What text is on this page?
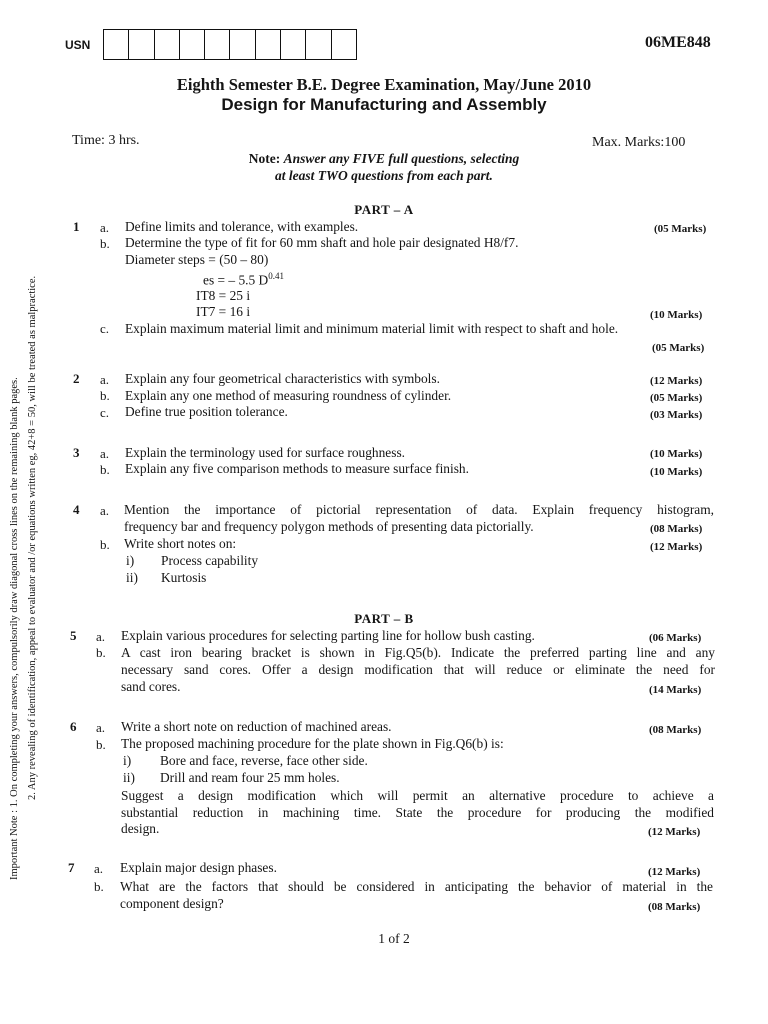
USN	06ME848
Eighth Semester B.E. Degree Examination, May/June 2010
Design for Manufacturing and Assembly
Time: 3 hrs.	Max. Marks:100
Note: Answer any FIVE full questions, selecting
at least TWO questions from each part.
Important Note : 1. On completing your answers, compulsorily draw diagonal cross lines on the remaining blank pages. 2. Any revealing of identification, appeal to evaluator and /or equations written eg, 42+8 = 50, will be treated as malpractice.
PART – A
1 a. Define limits and tolerance, with examples.	(05 Marks)
b. Determine the type of fit for 60 mm shaft and hole pair designated H8/f7.
Diameter steps = (50 – 80)
es = – 5.5 $D^{0.41}$
IT8 = 25 i
IT7 = 16 i	(10 Marks)
c. Explain maximum material limit and minimum material limit with respect to shaft and hole.
(05 Marks)
2 a. Explain any four geometrical characteristics with symbols.	(12 Marks)
b. Explain any one method of measuring roundness of cylinder.	(05 Marks)
c. Define true position tolerance.	(03 Marks)
3 a. Explain the terminology used for surface roughness.	(10 Marks)
b. Explain any five comparison methods to measure surface finish.	(10 Marks)
4 a. Mention the importance of pictorial representation of data. Explain frequency histogram,
frequency bar and frequency polygon methods of presenting data pictorially.	(08 Marks)
b. Write short notes on:	(12 Marks)
i) Process capability
ii) Kurtosis
PART – B
5 a. Explain various procedures for selecting parting line for hollow bush casting.	(06 Marks)
b. A cast iron bearing bracket is shown in Fig.Q5(b). Indicate the preferred parting line and any
necessary sand cores. Offer a design modification that will reduce or eliminate the need for
sand cores.	(14 Marks)
6 a. Write a short note on reduction of machined areas.	(08 Marks)
b. The proposed machining procedure for the plate shown in Fig.Q6(b) is:
i) Bore and face, reverse, face other side.
ii) Drill and ream four 25 mm holes.
Suggest a design modification which will permit an alternative procedure to achieve a
substantial reduction in machining time. State the procedure for producing the modified
design.	(12 Marks)
7 a. Explain major design phases.	(12 Marks)
b. What are the factors that should be considered in anticipating the behavior of material in the
component design?	(08 Marks)
1 of 2
